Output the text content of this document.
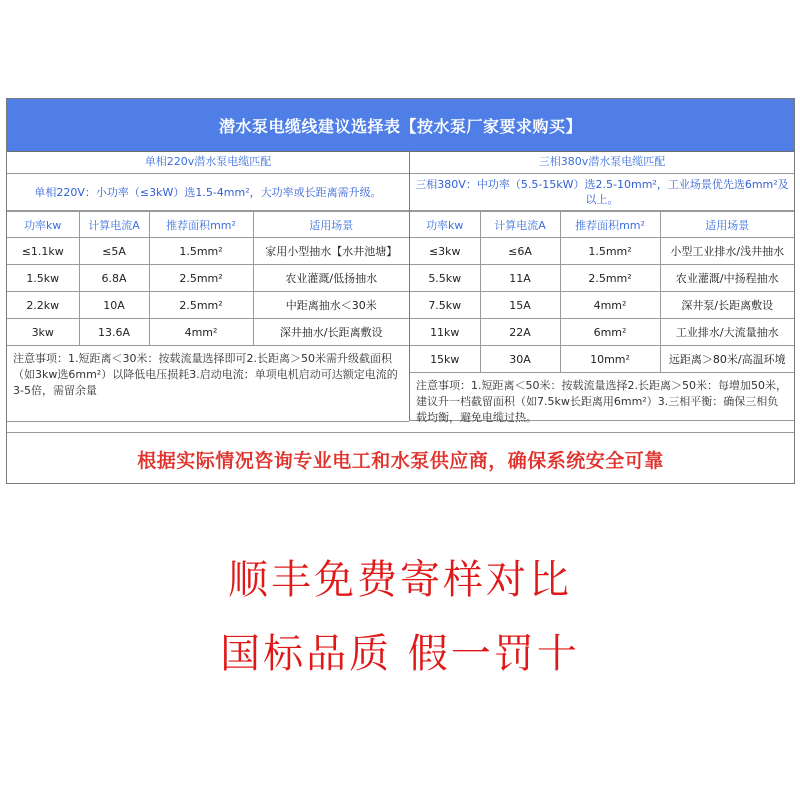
潜水泵电缆线建议选择表【按水泵厂家要求购买】
单相220v潜水泵电缆匹配
单相220V：小功率（≤3kW）选1.5-4mm²，大功率或长距离需升级。
功率kw	计算电流A	推荐面积mm²	适用场景
≤1.1kw	≤5A	1.5mm²	家用小型抽水【水井池塘】
1.5kw	6.8A	2.5mm²	农业灌溉/低扬抽水
2.2kw	10A	2.5mm²	中距离抽水＜30米
3kw	13.6A	4mm²	深井抽水/长距离敷设
注意事项：1.短距离＜30米：按载流量选择即可2.长距离＞50米需升级截面积（如3kw选6mm²）以降低电压损耗3.启动电流：单项电机启动可达额定电流的3-5倍，需留余量
三相380v潜水泵电缆匹配
三相380V：中功率（5.5-15kW）选2.5-10mm²，工业场景优先选6mm²及以上。
功率kw	计算电流A	推荐面积mm²	适用场景
≤3kw	≤6A	1.5mm²	小型工业排水/浅井抽水
5.5kw	11A	2.5mm²	农业灌溉/中扬程抽水
7.5kw	15A	4mm²	深井泵/长距离敷设
11kw	22A	6mm²	工业排水/大流量抽水
15kw	30A	10mm²	远距离＞80米/高温环境
注意事项：1.短距离＜50米：按载流量选择2.长距离＞50米：每增加50米，建议升一档截留面积（如7.5kw长距离用6mm²）3.三相平衡：确保三相负载均衡，避免电缆过热。
根据实际情况咨询专业电工和水泵供应商，确保系统安全可靠
顺丰免费寄样对比
国标品质 假一罚十
